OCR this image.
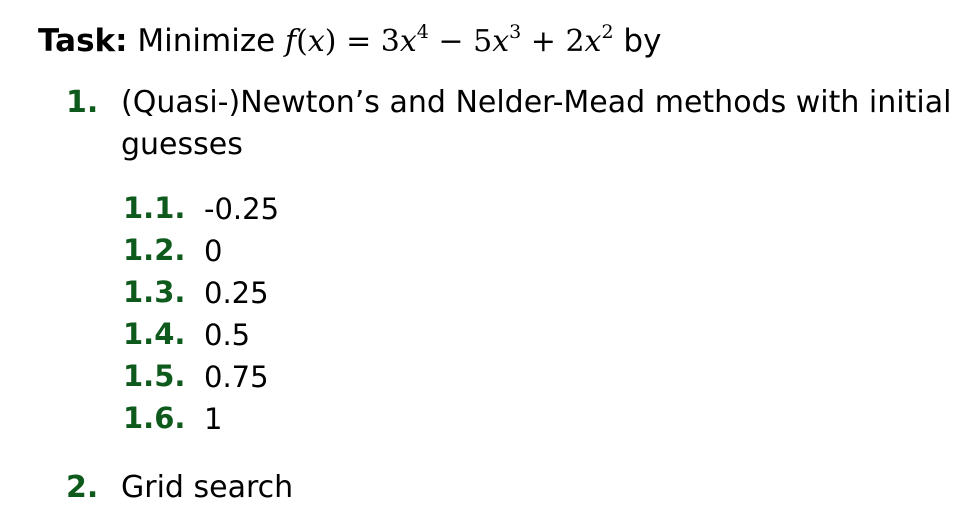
Task: Minimize $f(x) = 3x^4 - 5x^3 + 2x^2$ by
1. (Quasi-)Newton’s and Nelder-Mead methods with initial guesses
1.1. -0.25
1.2. 0
1.3. 0.25
1.4. 0.5
1.5. 0.75
1.6. 1
2. Grid search
